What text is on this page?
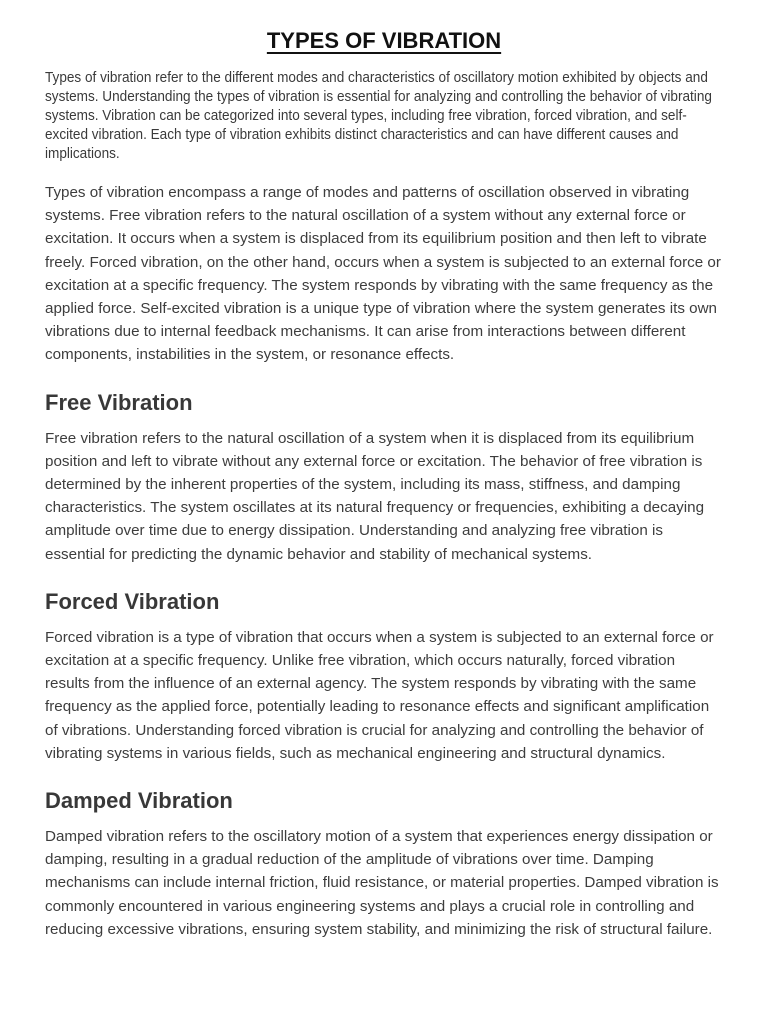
TYPES OF VIBRATION

Types of vibration refer to the different modes and characteristics of oscillatory motion exhibited by objects and systems. Understanding the types of vibration is essential for analyzing and controlling the behavior of vibrating systems. Vibration can be categorized into several types, including free vibration, forced vibration, and self-excited vibration. Each type of vibration exhibits distinct characteristics and can have different causes and implications.

Types of vibration encompass a range of modes and patterns of oscillation observed in vibrating systems. Free vibration refers to the natural oscillation of a system without any external force or excitation. It occurs when a system is displaced from its equilibrium position and then left to vibrate freely. Forced vibration, on the other hand, occurs when a system is subjected to an external force or excitation at a specific frequency. The system responds by vibrating with the same frequency as the applied force. Self-excited vibration is a unique type of vibration where the system generates its own vibrations due to internal feedback mechanisms. It can arise from interactions between different components, instabilities in the system, or resonance effects.

Free Vibration

Free vibration refers to the natural oscillation of a system when it is displaced from its equilibrium position and left to vibrate without any external force or excitation. The behavior of free vibration is determined by the inherent properties of the system, including its mass, stiffness, and damping characteristics. The system oscillates at its natural frequency or frequencies, exhibiting a decaying amplitude over time due to energy dissipation. Understanding and analyzing free vibration is essential for predicting the dynamic behavior and stability of mechanical systems.

Forced Vibration

Forced vibration is a type of vibration that occurs when a system is subjected to an external force or excitation at a specific frequency. Unlike free vibration, which occurs naturally, forced vibration results from the influence of an external agency. The system responds by vibrating with the same frequency as the applied force, potentially leading to resonance effects and significant amplification of vibrations. Understanding forced vibration is crucial for analyzing and controlling the behavior of vibrating systems in various fields, such as mechanical engineering and structural dynamics.

Damped Vibration

Damped vibration refers to the oscillatory motion of a system that experiences energy dissipation or damping, resulting in a gradual reduction of the amplitude of vibrations over time. Damping mechanisms can include internal friction, fluid resistance, or material properties. Damped vibration is commonly encountered in various engineering systems and plays a crucial role in controlling and reducing excessive vibrations, ensuring system stability, and minimizing the risk of structural failure.
